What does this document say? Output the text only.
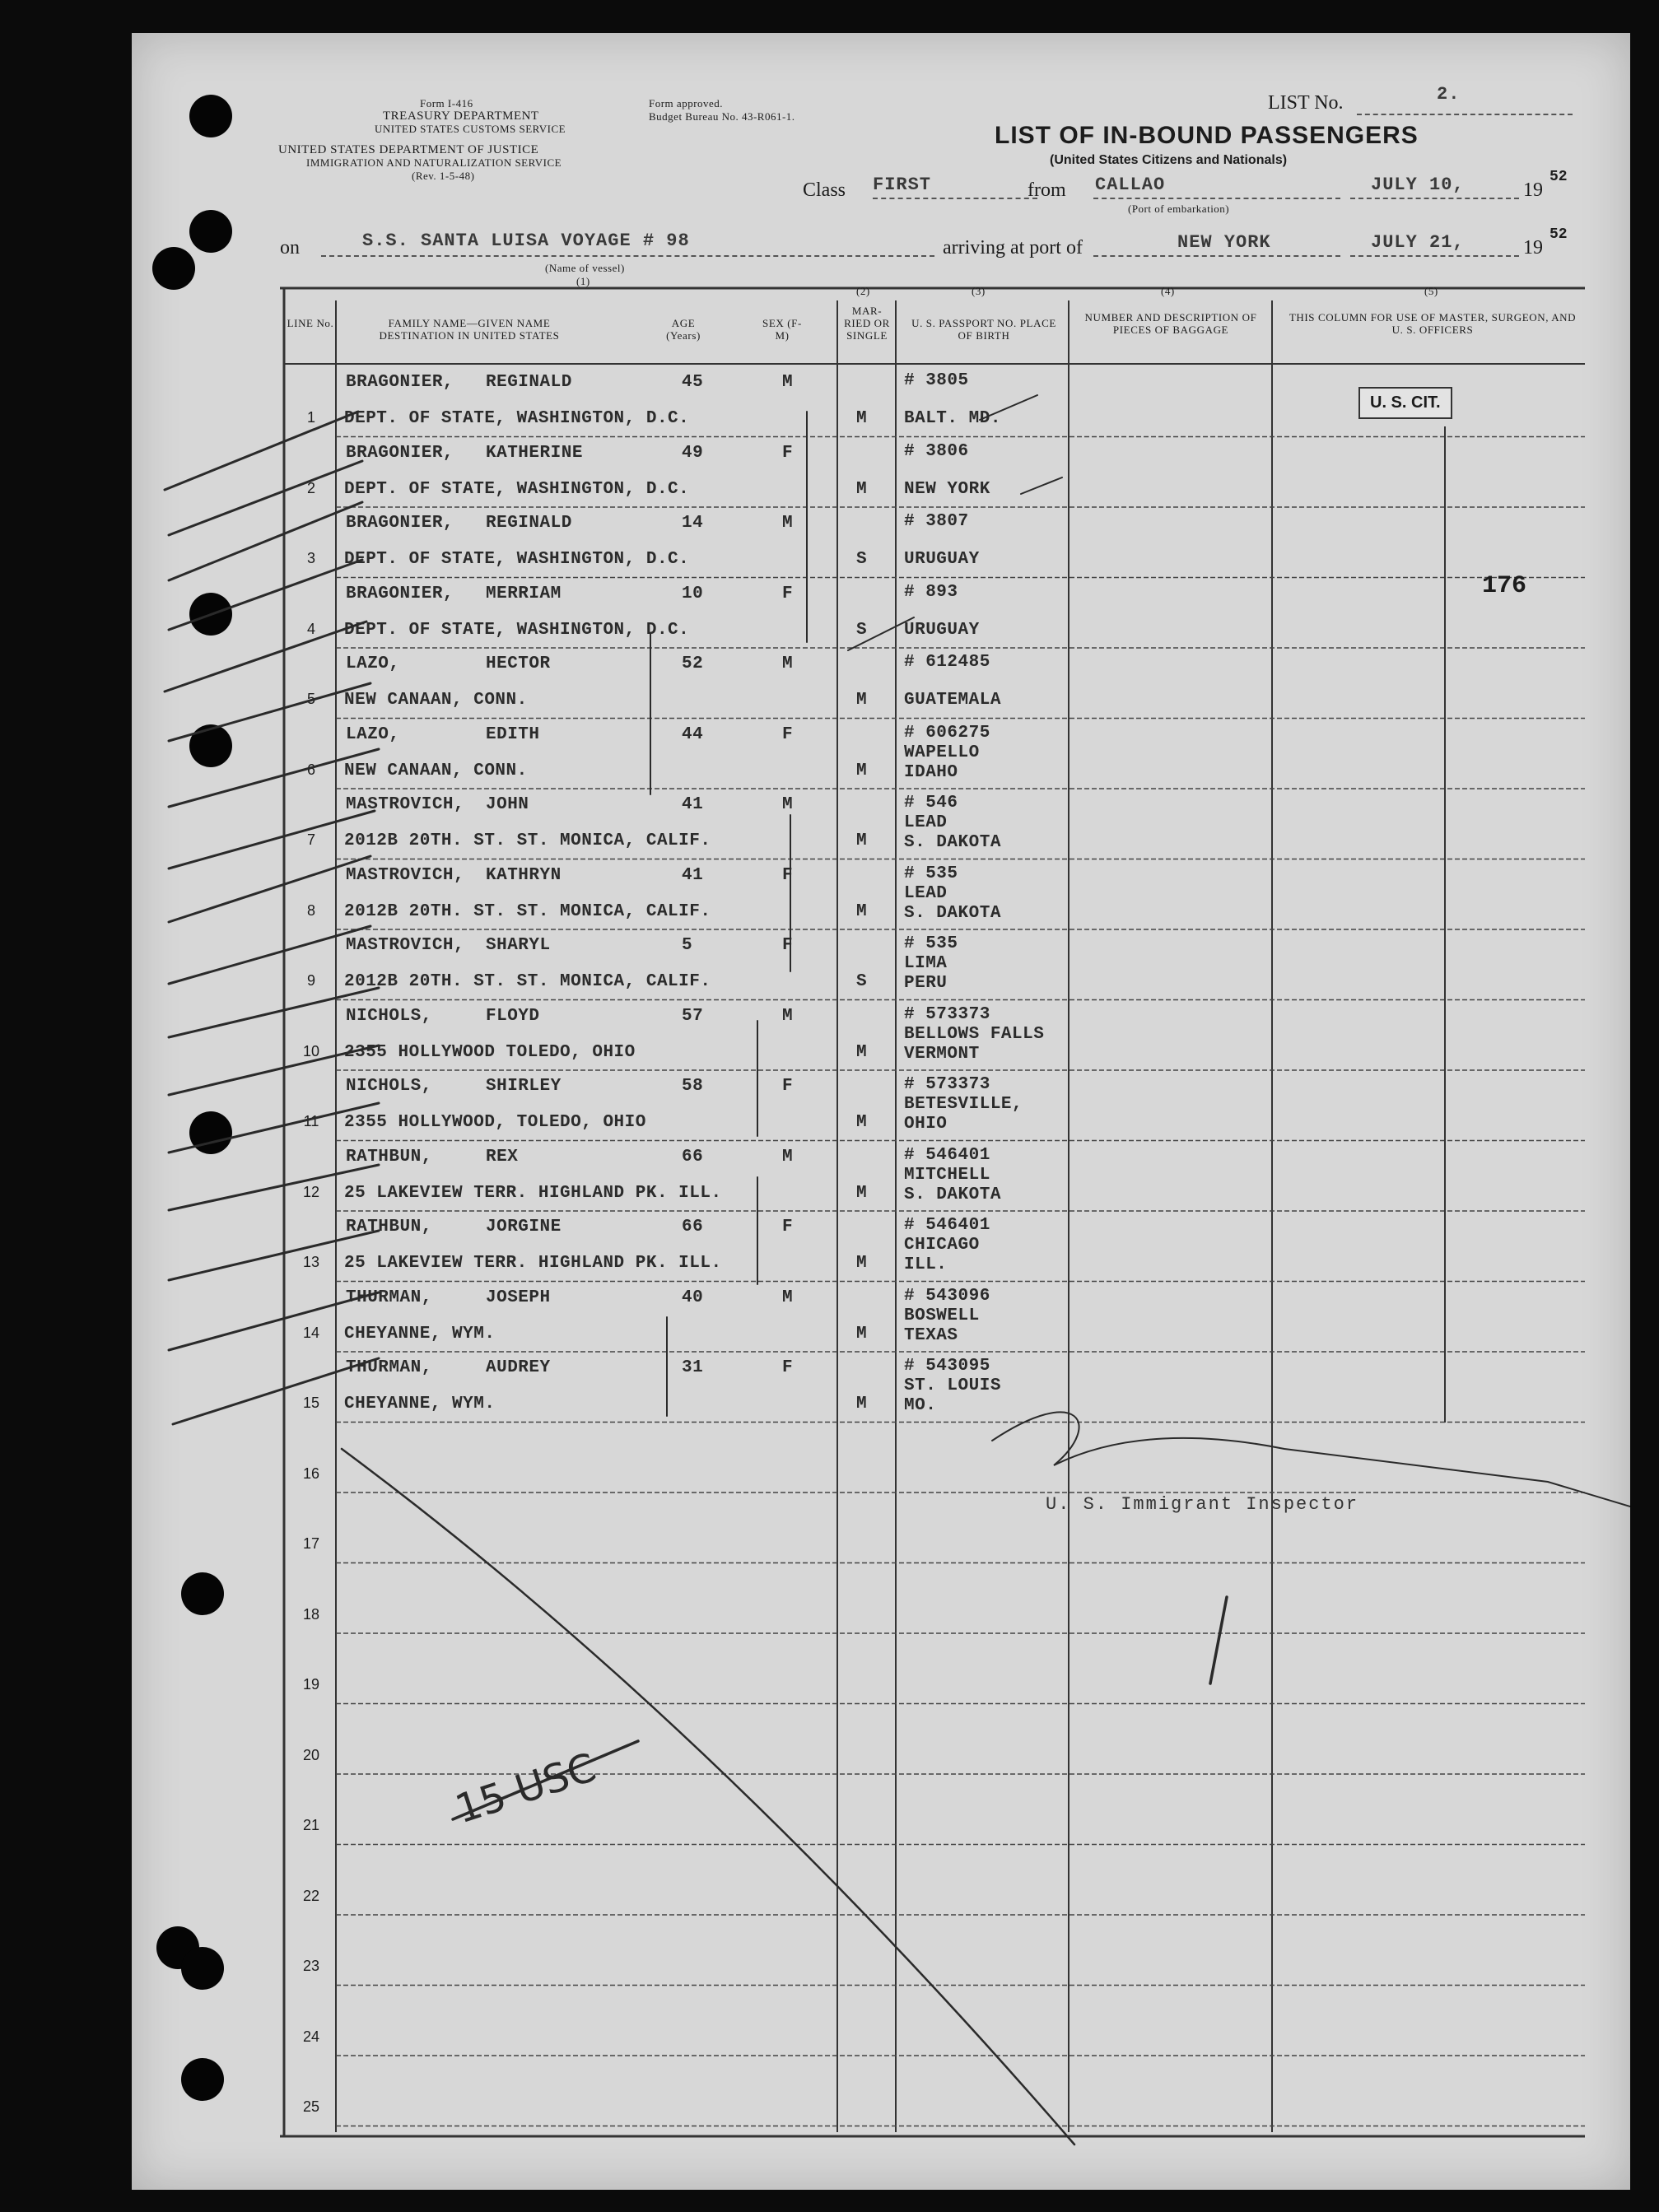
Form I-416
TREASURY DEPARTMENT
UNITED STATES CUSTOMS SERVICE
UNITED STATES DEPARTMENT OF JUSTICE
IMMIGRATION AND NATURALIZATION SERVICE
(Rev. 1-5-48)
Form approved.
Budget Bureau No. 43-R061-1.
LIST No.	2.
LIST OF IN-BOUND PASSENGERS
(United States Citizens and Nationals)
Class FIRST	from CALLAO
(Port of embarkation)
JULY 10,	19
52
on	S.S. SANTA LUISA VOYAGE # 98
(Name of vessel)
(1)
arriving at port of	NEW YORK	JULY 21,	19
52
LINE No.	FAMILY NAME—GIVEN NAME DESTINATION IN UNITED STATES
AGE (Years)
SEX (F-M)
(2)
MAR- RIED OR SINGLE
(3)
U. S. PASSPORT NO. PLACE OF BIRTH
(4)
NUMBER AND DESCRIPTION OF PIECES OF BAGGAGE
(5)
THIS COLUMN FOR USE OF MASTER, SURGEON, AND U. S. OFFICERS
1
BRAGONIER, REGINALD	45	M
DEPT. OF STATE, WASHINGTON, D.C.	M
# 3805
BALT. MD.
2
BRAGONIER, KATHERINE	49	F
DEPT. OF STATE, WASHINGTON, D.C.	M
# 3806
NEW YORK
3
BRAGONIER, REGINALD	14	M
DEPT. OF STATE, WASHINGTON, D.C.	S
# 3807
URUGUAY
4
BRAGONIER, MERRIAM	10	F
DEPT. OF STATE, WASHINGTON, D.C.	S
# 893
URUGUAY
5
LAZO,	HECTOR	52	M
NEW CANAAN, CONN.	M
# 612485
GUATEMALA
6
LAZO,	EDITH	44	F
NEW CANAAN, CONN.	M
# 606275
WAPELLO
IDAHO
7
MASTROVICH, JOHN	41	M
2012B 20TH. ST. ST. MONICA, CALIF.	M
# 546
LEAD
S. DAKOTA
8
MASTROVICH, KATHRYN	41	F
2012B 20TH. ST. ST. MONICA, CALIF.	M
# 535
LEAD
S. DAKOTA
9
MASTROVICH, SHARYL	5	F
2012B 20TH. ST. ST. MONICA, CALIF.	S
# 535
LIMA
PERU
10
NICHOLS,	FLOYD	57	M
2355 HOLLYWOOD TOLEDO, OHIO	M
# 573373
BELLOWS FALLS
VERMONT
11
NICHOLS,	SHIRLEY	58	F
2355 HOLLYWOOD, TOLEDO, OHIO	M
# 573373
BETESVILLE,
OHIO
12
RATHBUN,	REX	66	M
25 LAKEVIEW TERR. HIGHLAND PK. ILL.	M
# 546401
MITCHELL
S. DAKOTA
13
RATHBUN,	JORGINE	66	F
25 LAKEVIEW TERR. HIGHLAND PK. ILL.	M
# 546401
CHICAGO
ILL.
14
THURMAN,	JOSEPH	40	M
CHEYANNE, WYM.	M
# 543096
BOSWELL
TEXAS
15
THURMAN,	AUDREY	31	F
CHEYANNE, WYM.	M
# 543095
ST. LOUIS
MO.
16
17
18
19
20
21
22
23
24
25
U. S. CIT.
176
U. S. Immigrant Inspector
15 USC
